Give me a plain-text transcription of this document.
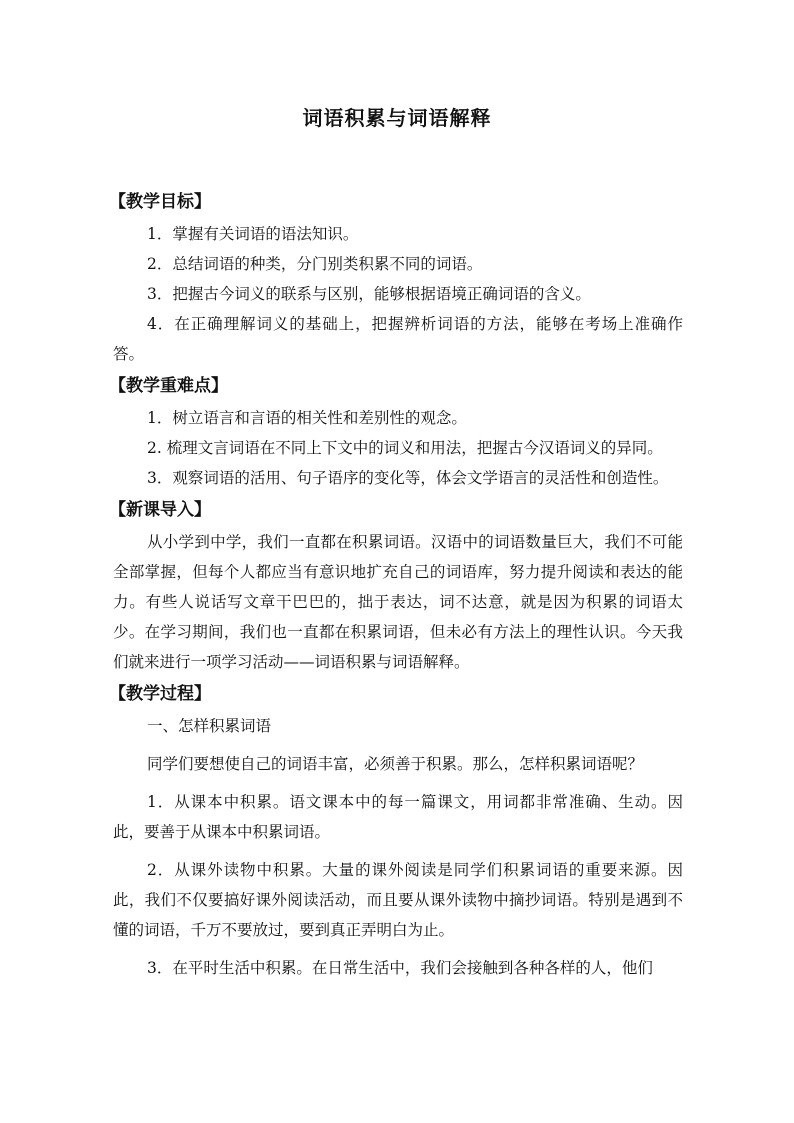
词语积累与词语解释
【教学目标】
1．掌握有关词语的语法知识。
2．总结词语的种类，分门别类积累不同的词语。
3．把握古今词义的联系与区别，能够根据语境正确词语的含义。
4．在正确理解词义的基础上，把握辨析词语的方法，能够在考场上准确作答。
【教学重难点】
1．树立语言和言语的相关性和差别性的观念。
2. 梳理文言词语在不同上下文中的词义和用法，把握古今汉语词义的异同。
3．观察词语的活用、句子语序的变化等，体会文学语言的灵活性和创造性。
【新课导入】
从小学到中学，我们一直都在积累词语。汉语中的词语数量巨大，我们不可能全部掌握，但每个人都应当有意识地扩充自己的词语库，努力提升阅读和表达的能力。有些人说话写文章干巴巴的，拙于表达，词不达意，就是因为积累的词语太少。在学习期间，我们也一直都在积累词语，但未必有方法上的理性认识。今天我们就来进行一项学习活动——词语积累与词语解释。
【教学过程】
一、怎样积累词语
同学们要想使自己的词语丰富，必须善于积累。那么，怎样积累词语呢？
1．从课本中积累。语文课本中的每一篇课文，用词都非常准确、生动。因此，要善于从课本中积累词语。
2．从课外读物中积累。大量的课外阅读是同学们积累词语的重要来源。因此，我们不仅要搞好课外阅读活动，而且要从课外读物中摘抄词语。特别是遇到不懂的词语，千万不要放过，要到真正弄明白为止。
3．在平时生活中积累。在日常生活中，我们会接触到各种各样的人，他们
